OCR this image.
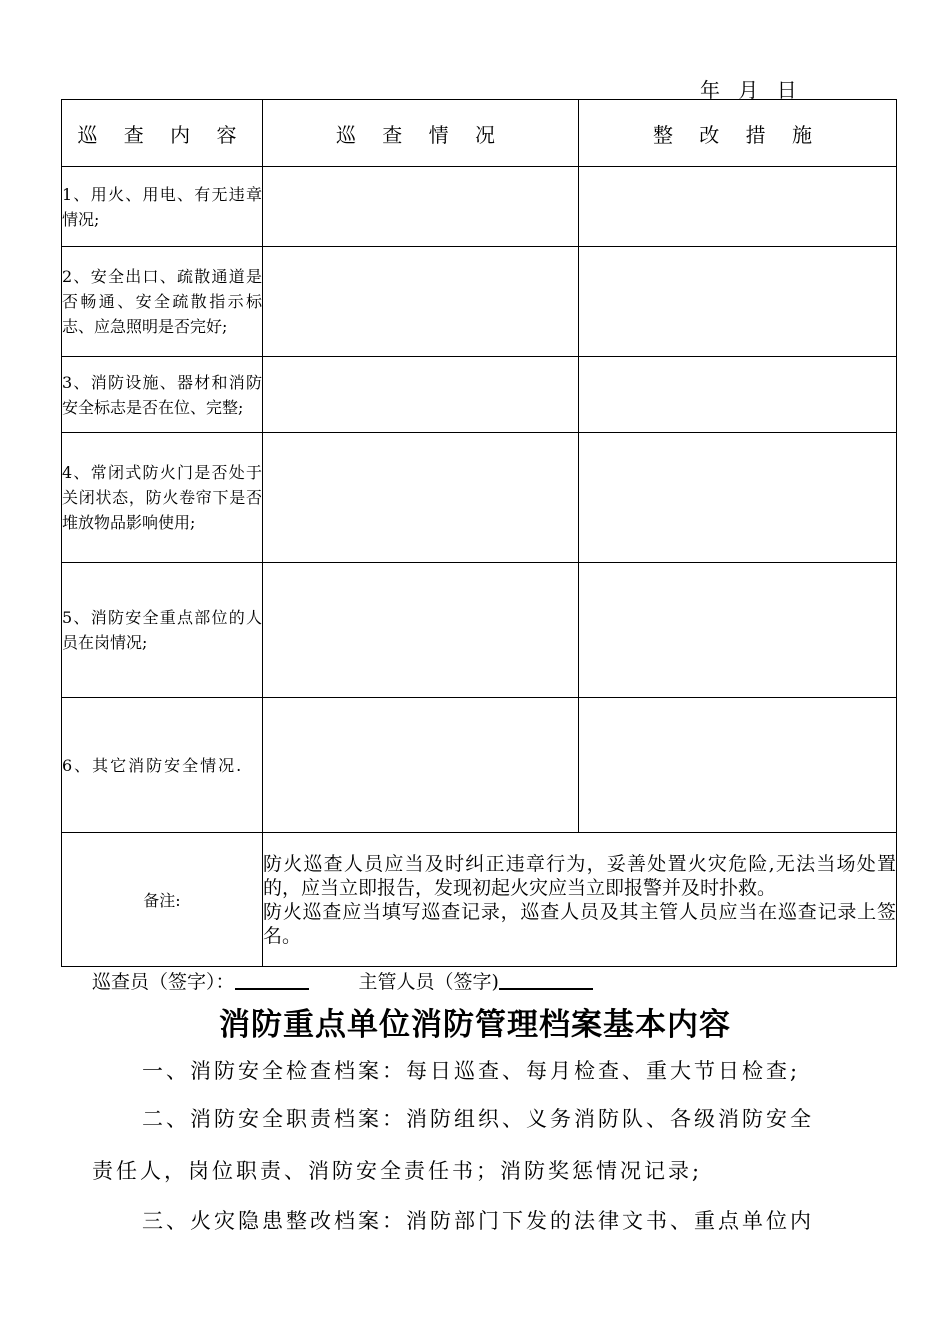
年 月 日
巡 查 内 容	巡 查 情 况	整 改 措 施
1、用火、用电、有无违章情况;		
2、安全出口、疏散通道是否畅通、安全疏散指示标志、应急照明是否完好;		
3、消防设施、器材和消防安全标志是否在位、完整;		
4、常闭式防火门是否处于关闭状态，防火卷帘下是否堆放物品影响使用;		
5、消防安全重点部位的人员在岗情况;		
6、其它消防安全情况.		
备注:	防火巡查人员应当及时纠正违章行为，妥善处置火灾危险,无法当场处置的，应当立即报告，发现初起火灾应当立即报警并及时扑救。
防火巡查应当填写巡查记录，巡查人员及其主管人员应当在巡查记录上签名。	
巡查员（签字）：	主管人员（签字)
消防重点单位消防管理档案基本内容

一、消防安全检查档案：每日巡查、每月检查、重大节日检查;

二、消防安全职责档案：消防组织、义务消防队、各级消防安全

责任人，岗位职责、消防安全责任书；消防奖惩情况记录;

三、火灾隐患整改档案：消防部门下发的法律文书、重点单位内
